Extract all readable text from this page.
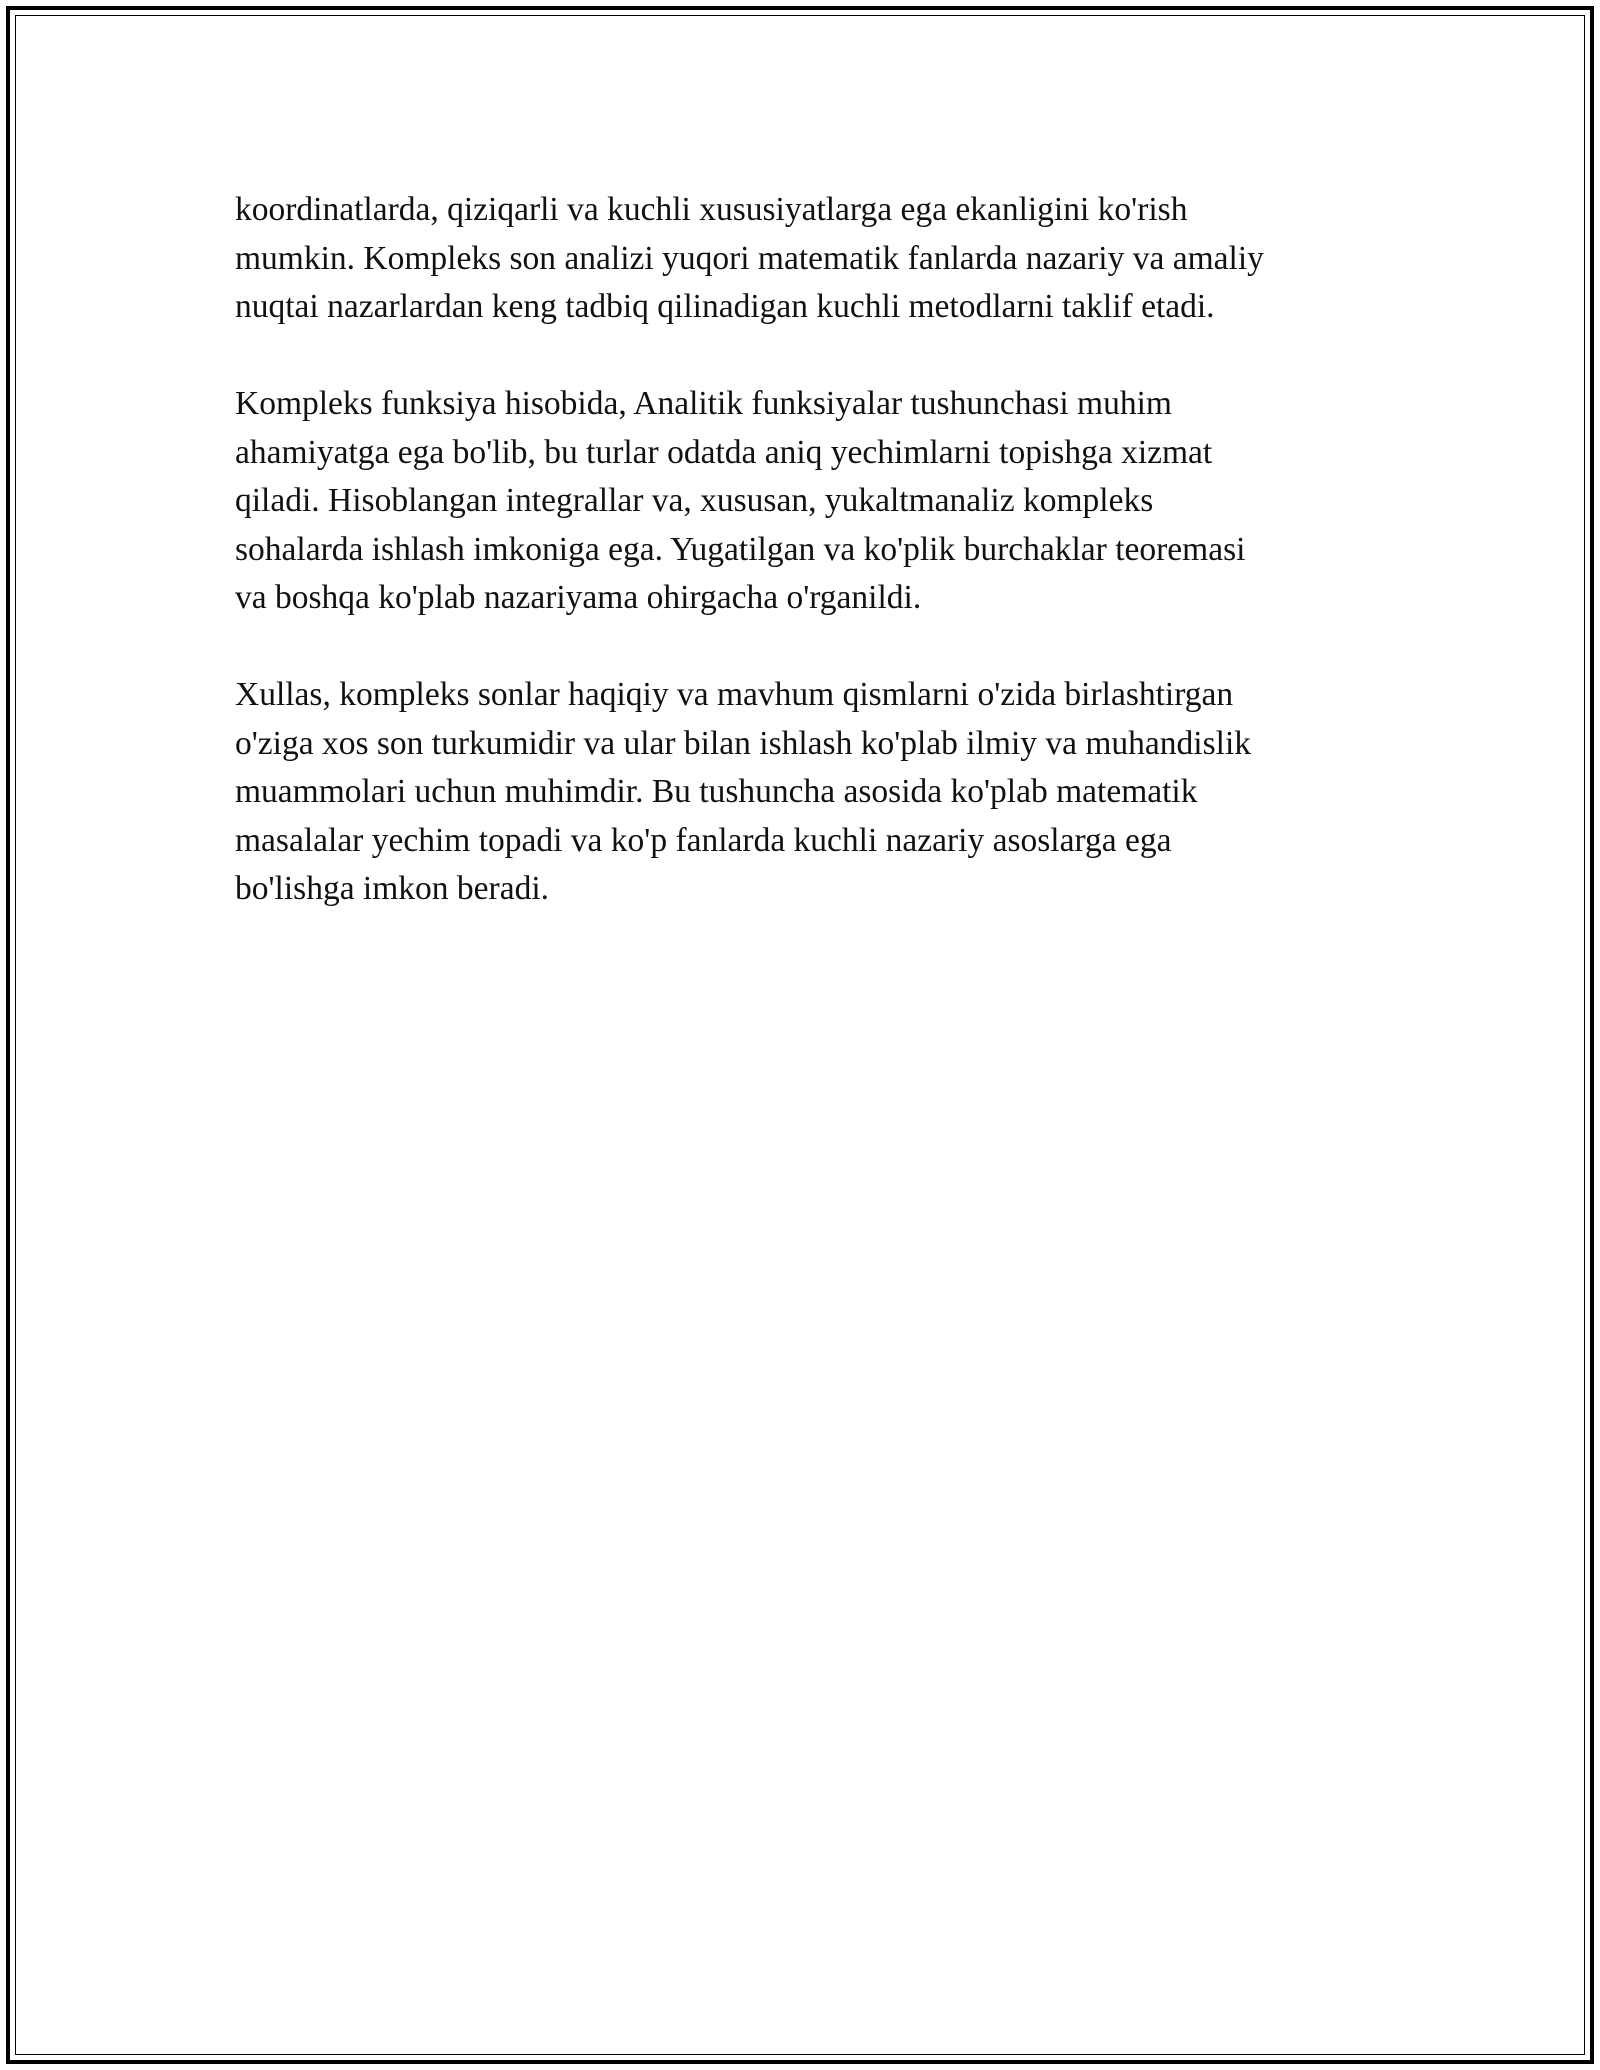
koordinatlarda, qiziqarli va kuchli xususiyatlarga ega ekanligini ko'rish
mumkin. Kompleks son analizi yuqori matematik fanlarda nazariy va amaliy
nuqtai nazarlardan keng tadbiq qilinadigan kuchli metodlarni taklif etadi.

Kompleks funksiya hisobida, Analitik funksiyalar tushunchasi muhim
ahamiyatga ega bo'lib, bu turlar odatda aniq yechimlarni topishga xizmat
qiladi. Hisoblangan integrallar va, xususan, yukaltmanaliz kompleks
sohalarda ishlash imkoniga ega. Yugatilgan va ko'plik burchaklar teoremasi
va boshqa ko'plab nazariyama ohirgacha o'rganildi.

Xullas, kompleks sonlar haqiqiy va mavhum qismlarni o'zida birlashtirgan
o'ziga xos son turkumidir va ular bilan ishlash ko'plab ilmiy va muhandislik
muammolari uchun muhimdir. Bu tushuncha asosida ko'plab matematik
masalalar yechim topadi va ko'p fanlarda kuchli nazariy asoslarga ega
bo'lishga imkon beradi.
